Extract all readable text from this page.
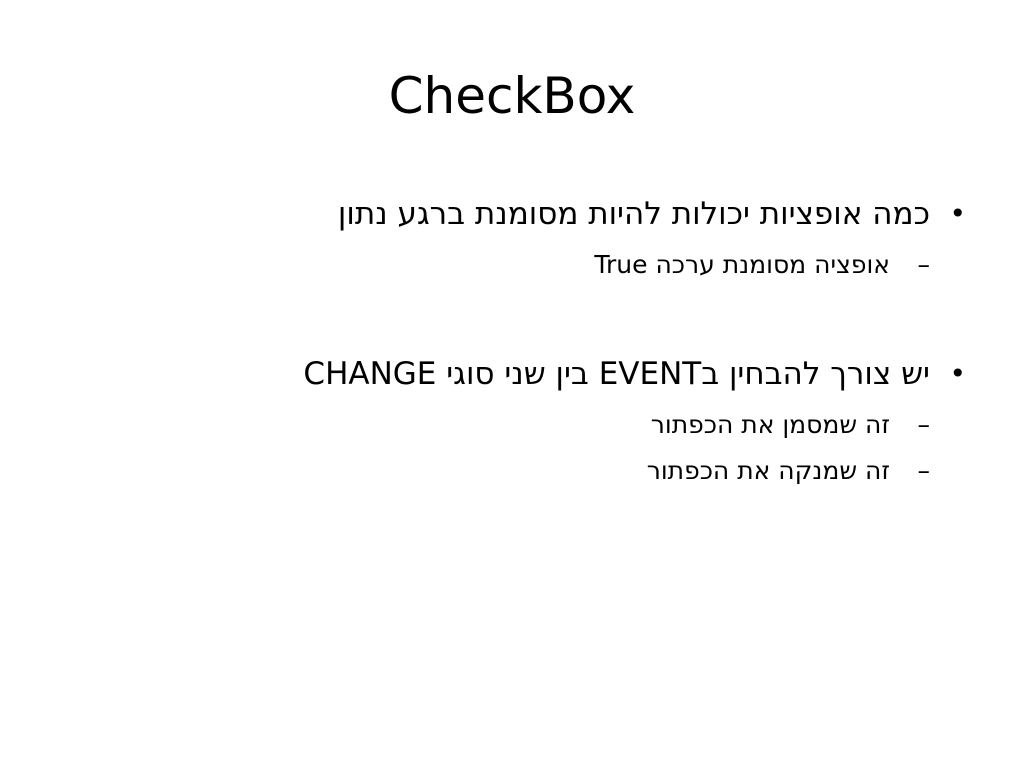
CheckBox
•
כמה אופציות יכולות להיות מסומנת ברגע נתון
–
אופציה מסומנת ערכה True
•
יש צורך להבחין בEVENT בין שני סוגי CHANGE
–
זה שמסמן את הכפתור
–
זה שמנקה את הכפתור
